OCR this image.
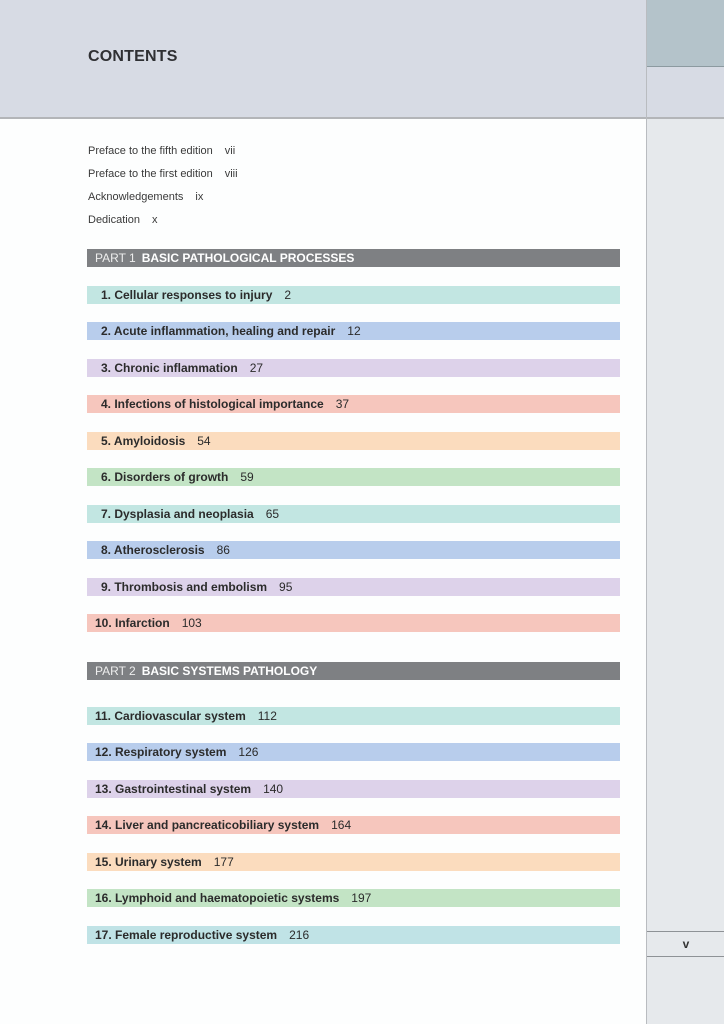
CONTENTS
v
Preface to the fifth edition vii
Preface to the first edition viii
Acknowledgements ix
Dedication x
PART 1 BASIC PATHOLOGICAL PROCESSES
1. Cellular responses to injury 2
2. Acute inflammation, healing and repair 12
3. Chronic inflammation 27
4. Infections of histological importance 37
5. Amyloidosis 54
6. Disorders of growth 59
7. Dysplasia and neoplasia 65
8. Atherosclerosis 86
9. Thrombosis and embolism 95
10. Infarction 103
PART 2 BASIC SYSTEMS PATHOLOGY
11. Cardiovascular system 112
12. Respiratory system 126
13. Gastrointestinal system 140
14. Liver and pancreaticobiliary system 164
15. Urinary system 177
16. Lymphoid and haematopoietic systems 197
17. Female reproductive system 216
